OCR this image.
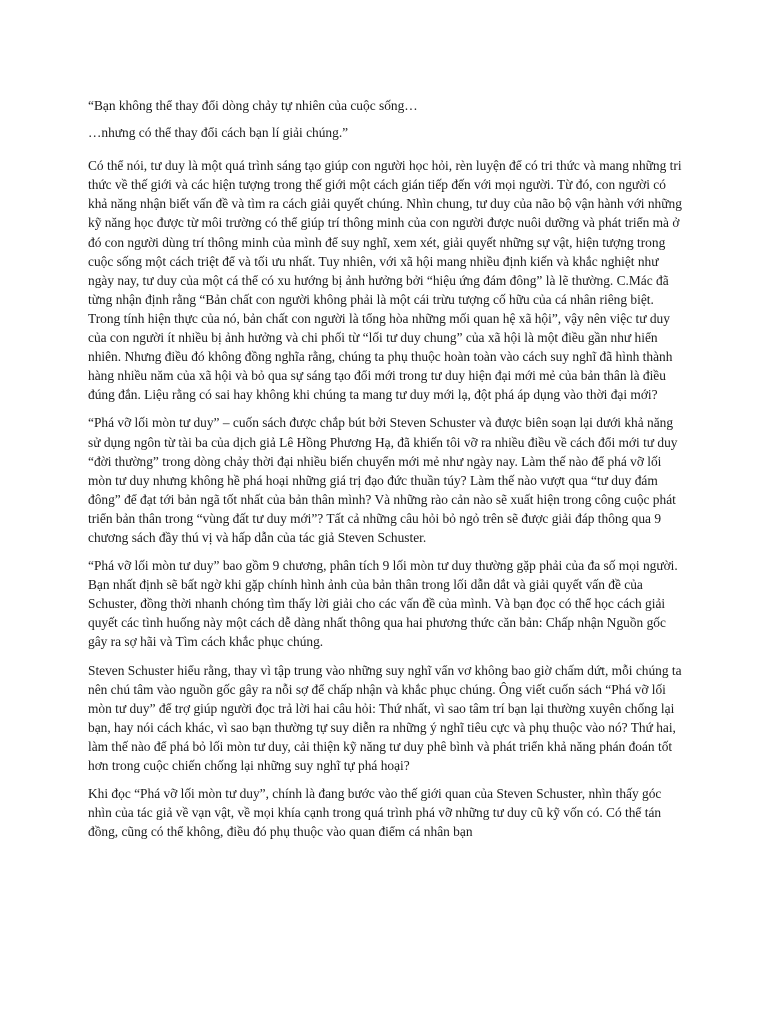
“Bạn không thể thay đổi dòng chảy tự nhiên của cuộc sống…

…nhưng có thể thay đổi cách bạn lí giải chúng.”

Có thể nói, tư duy là một quá trình sáng tạo giúp con người học hỏi, rèn luyện để có tri thức và mang những tri thức về thế giới và các hiện tượng trong thế giới một cách gián tiếp đến với mọi người. Từ đó, con người có khả năng nhận biết vấn đề và tìm ra cách giải quyết chúng. Nhìn chung, tư duy của não bộ vận hành với những kỹ năng học được từ môi trường có thể giúp trí thông minh của con người được nuôi dưỡng và phát triển mà ở đó con người dùng trí thông minh của mình để suy nghĩ, xem xét, giải quyết những sự vật, hiện tượng trong cuộc sống một cách triệt để và tối ưu nhất. Tuy nhiên, với xã hội mang nhiều định kiến và khắc nghiệt như ngày nay, tư duy của một cá thể có xu hướng bị ảnh hưởng bởi “hiệu ứng đám đông” là lẽ thường. C.Mác đã từng nhận định rằng “Bản chất con người không phải là một cái trừu tượng cố hữu của cá nhân riêng biệt. Trong tính hiện thực của nó, bản chất con người là tổng hòa những mối quan hệ xã hội”, vậy nên việc tư duy của con người ít nhiều bị ảnh hưởng và chi phối từ “lối tư duy chung” của xã hội là một điều gần như hiển nhiên. Nhưng điều đó không đồng nghĩa rằng, chúng ta phụ thuộc hoàn toàn vào cách suy nghĩ đã hình thành hàng nhiều năm của xã hội và bỏ qua sự sáng tạo đổi mới trong tư duy hiện đại mới mẻ của bản thân là điều đúng đắn. Liệu rằng có sai hay không khi chúng ta mang tư duy mới lạ, đột phá áp dụng vào thời đại mới?

“Phá vỡ lối mòn tư duy” – cuốn sách được chắp bút bởi Steven Schuster và được biên soạn lại dưới khả năng sử dụng ngôn từ tài ba của dịch giả Lê Hồng Phương Hạ, đã khiến tôi vỡ ra nhiều điều về cách đổi mới tư duy “đời thường” trong dòng chảy thời đại nhiều biến chuyển mới mẻ như ngày nay. Làm thế nào để phá vỡ lối mòn tư duy nhưng không hề phá hoại những giá trị đạo đức thuần túy? Làm thế nào vượt qua “tư duy đám đông” để đạt tới bản ngã tốt nhất của bản thân mình? Và những rào cản nào sẽ xuất hiện trong công cuộc phát triển bản thân trong “vùng đất tư duy mới”? Tất cả những câu hỏi bỏ ngỏ trên sẽ được giải đáp thông qua 9 chương sách đầy thú vị và hấp dẫn của tác giả Steven Schuster.

“Phá vỡ lối mòn tư duy” bao gồm 9 chương, phân tích 9 lối mòn tư duy thường gặp phải của đa số mọi người. Bạn nhất định sẽ bất ngờ khi gặp chính hình ảnh của bản thân trong lối dẫn dắt và giải quyết vấn đề của Schuster, đồng thời nhanh chóng tìm thấy lời giải cho các vấn đề của mình. Và bạn đọc có thể học cách giải quyết các tình huống này một cách dễ dàng nhất thông qua hai phương thức căn bản: Chấp nhận Nguồn gốc gây ra sợ hãi và Tìm cách khắc phục chúng.

Steven Schuster hiểu rằng, thay vì tập trung vào những suy nghĩ vẩn vơ không bao giờ chấm dứt, mỗi chúng ta nên chú tâm vào nguồn gốc gây ra nỗi sợ để chấp nhận và khắc phục chúng. Ông viết cuốn sách “Phá vỡ lối mòn tư duy” để trợ giúp người đọc trả lời hai câu hỏi: Thứ nhất, vì sao tâm trí bạn lại thường xuyên chống lại bạn, hay nói cách khác, vì sao bạn thường tự suy diễn ra những ý nghĩ tiêu cực và phụ thuộc vào nó? Thứ hai, làm thế nào để phá bỏ lối mòn tư duy, cải thiện kỹ năng tư duy phê bình và phát triển khả năng phán đoán tốt hơn trong cuộc chiến chống lại những suy nghĩ tự phá hoại?

Khi đọc “Phá vỡ lối mòn tư duy”, chính là đang bước vào thế giới quan của Steven Schuster, nhìn thấy góc nhìn của tác giả về vạn vật, về mọi khía cạnh trong quá trình phá vỡ những tư duy cũ kỹ vốn có. Có thể tán đồng, cũng có thể không, điều đó phụ thuộc vào quan điểm cá nhân bạn
